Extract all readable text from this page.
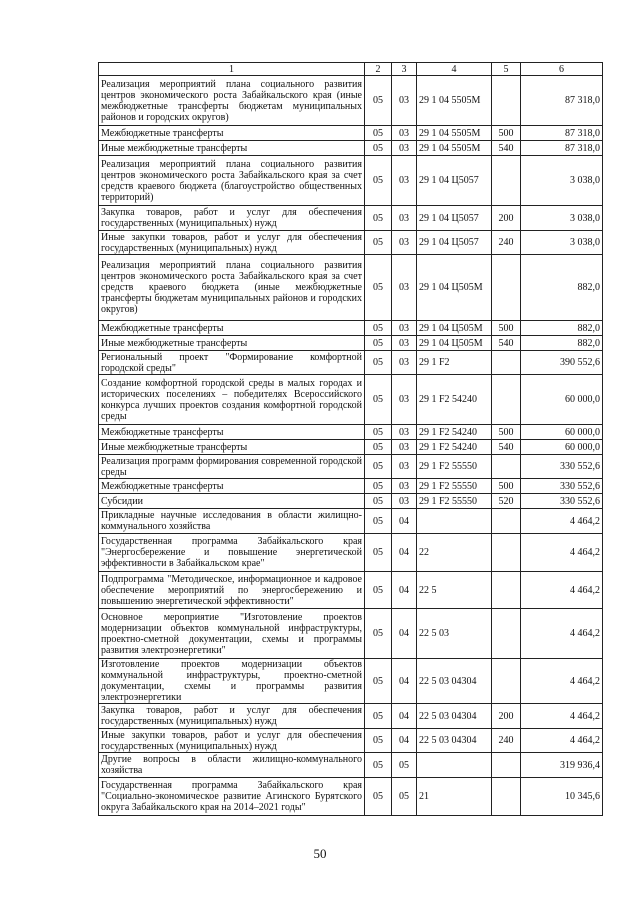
1	2	3	4	5	6
Реализация мероприятий плана социального развития центров экономического роста Забайкальского края (иные межбюджетные трансферты бюджетам муниципальных районов и городских округов)	05	03	29 1 04 5505M		87 318,0
Межбюджетные трансферты	05	03	29 1 04 5505M	500	87 318,0
Иные межбюджетные трансферты	05	03	29 1 04 5505M	540	87 318,0
Реализация мероприятий плана социального развития центров экономического роста Забайкальского края за счет средств краевого бюджета (благоустройство общественных территорий)	05	03	29 1 04 Ц5057		3 038,0
Закупка товаров, работ и услуг для обеспечения государственных (муниципальных) нужд	05	03	29 1 04 Ц5057	200	3 038,0
Иные закупки товаров, работ и услуг для обеспечения государственных (муниципальных) нужд	05	03	29 1 04 Ц5057	240	3 038,0
Реализация мероприятий плана социального развития центров экономического роста Забайкальского края за счет средств краевого бюджета (иные межбюджетные трансферты бюджетам муниципальных районов и городских округов)	05	03	29 1 04 Ц505M		882,0
Межбюджетные трансферты	05	03	29 1 04 Ц505M	500	882,0
Иные межбюджетные трансферты	05	03	29 1 04 Ц505M	540	882,0
Региональный проект "Формирование комфортной городской среды"	05	03	29 1 F2		390 552,6
Создание комфортной городской среды в малых городах и исторических поселениях – победителях Всероссийского конкурса лучших проектов создания комфортной городской среды	05	03	29 1 F2 54240		60 000,0
Межбюджетные трансферты	05	03	29 1 F2 54240	500	60 000,0
Иные межбюджетные трансферты	05	03	29 1 F2 54240	540	60 000,0
Реализация программ формирования современной городской среды	05	03	29 1 F2 55550		330 552,6
Межбюджетные трансферты	05	03	29 1 F2 55550	500	330 552,6
Субсидии	05	03	29 1 F2 55550	520	330 552,6
Прикладные научные исследования в области жилищно-коммунального хозяйства	05	04			4 464,2
Государственная программа Забайкальского края "Энергосбережение и повышение энергетической эффективности в Забайкальском крае"	05	04	22		4 464,2
Подпрограмма "Методическое, информационное и кадровое обеспечение мероприятий по энергосбережению и повышению энергетической эффективности"	05	04	22 5		4 464,2
Основное мероприятие "Изготовление проектов модернизации объектов коммунальной инфраструктуры, проектно-сметной документации, схемы и программы развития электроэнергетики"	05	04	22 5 03		4 464,2
Изготовление проектов модернизации объектов коммунальной инфраструктуры, проектно-сметной документации, схемы и программы развития электроэнергетики	05	04	22 5 03 04304		4 464,2
Закупка товаров, работ и услуг для обеспечения государственных (муниципальных) нужд	05	04	22 5 03 04304	200	4 464,2
Иные закупки товаров, работ и услуг для обеспечения государственных (муниципальных) нужд	05	04	22 5 03 04304	240	4 464,2
Другие вопросы в области жилищно-коммунального хозяйства	05	05			319 936,4
Государственная программа Забайкальского края "Социально-экономическое развитие Агинского Бурятского округа Забайкальского края на 2014–2021 годы"	05	05	21		10 345,6
50
